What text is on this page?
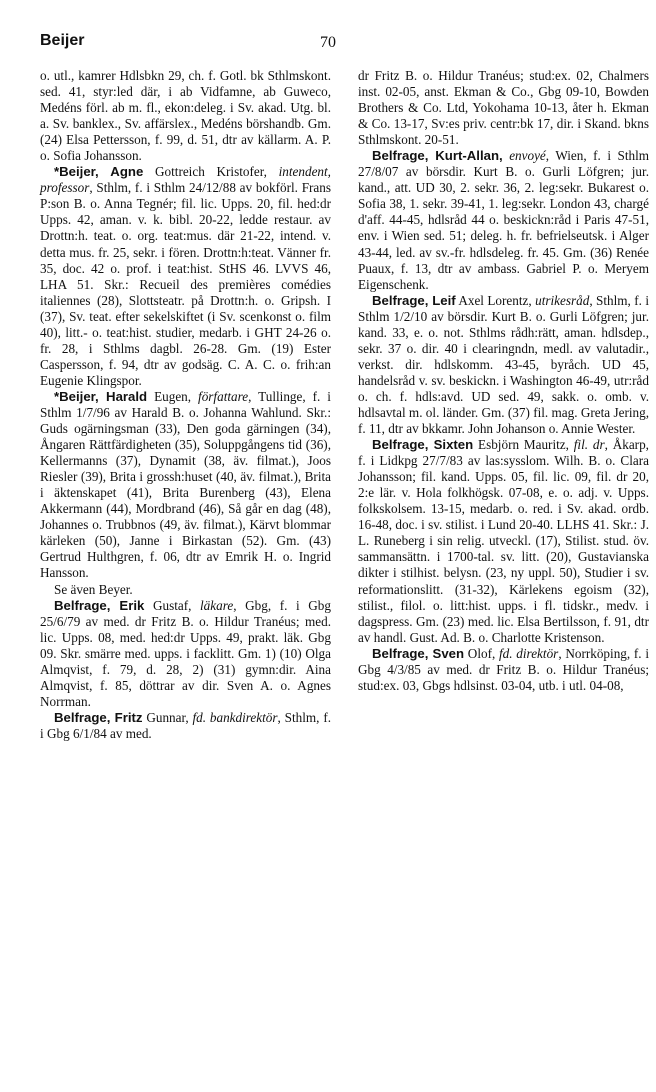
Beijer	70

o. utl., kamrer Hdlsbkn 29, ch. f. Gotl. bk Sthlmskont. sed. 41, styr:led där, i ab Vidfamne, ab Guweco, Medéns förl. ab m. fl., ekon:deleg. i Sv. akad. Utg. bl. a. Sv. banklex., Sv. affärslex., Medéns börshandb. Gm. (24) Elsa Pettersson, f. 99, d. 51, dtr av källarm. A. P. o. Sofia Johansson.

*Beijer, Agne Gottreich Kristofer, intendent, professor, Sthlm, f. i Sthlm 24/12/88 av bokförl. Frans P:son B. o. Anna Tegnér; fil. lic. Upps. 20, fil. hed:dr Upps. 42, aman. v. k. bibl. 20-22, ledde restaur. av Drottn:h. teat. o. org. teat:mus. där 21-22, intend. v. detta mus. fr. 25, sekr. i fören. Drottn:h:teat. Vänner fr. 35, doc. 42 o. prof. i teat:hist. StHS 46. LVVS 46, LHA 51. Skr.: Recueil des premières comédies italiennes (28), Slottsteatr. på Drottn:h. o. Gripsh. I (37), Sv. teat. efter sekelskiftet (i Sv. scenkonst o. film 40), litt.- o. teat:hist. studier, medarb. i GHT 24-26 o. fr. 28, i Sthlms dagbl. 26-28. Gm. (19) Ester Caspersson, f. 94, dtr av godsäg. C. A. C. o. frih:an Eugenie Klingspor.

*Beijer, Harald Eugen, författare, Tullinge, f. i Sthlm 1/7/96 av Harald B. o. Johanna Wahlund. Skr.: Guds ogärningsman (33), Den goda gärningen (34), Ångaren Rättfärdigheten (35), Soluppgångens tid (36), Kellermanns (37), Dynamit (38, äv. filmat.), Joos Riesler (39), Brita i grossh:huset (40, äv. filmat.), Brita i äktenskapet (41), Brita Burenberg (43), Elena Akkermann (44), Mordbrand (46), Så går en dag (48), Johannes o. Trubbnos (49, äv. filmat.), Kärvt blommar kärleken (50), Janne i Birkastan (52). Gm. (43) Gertrud Hulthgren, f. 06, dtr av Emrik H. o. Ingrid Hansson.

Se även Beyer.

Belfrage, Erik Gustaf, läkare, Gbg, f. i Gbg 25/6/79 av med. dr Fritz B. o. Hildur Tranéus; med. lic. Upps. 08, med. hed:dr Upps. 49, prakt. läk. Gbg 09. Skr. smärre med. upps. i facklitt. Gm. 1) (10) Olga Almqvist, f. 79, d. 28, 2) (31) gymn:dir. Aina Almqvist, f. 85, döttrar av dir. Sven A. o. Agnes Norrman.

Belfrage, Fritz Gunnar, fd. bankdirektör, Sthlm, f. i Gbg 6/1/84 av med.

dr Fritz B. o. Hildur Tranéus; stud:ex. 02, Chalmers inst. 02-05, anst. Ekman & Co., Gbg 09-10, Bowden Brothers & Co. Ltd, Yokohama 10-13, åter h. Ekman & Co. 13-17, Sv:es priv. centr:bk 17, dir. i Skand. bkns Sthlmskont. 20-51.

Belfrage, Kurt-Allan, envoyé, Wien, f. i Sthlm 27/8/07 av börsdir. Kurt B. o. Gurli Löfgren; jur. kand., att. UD 30, 2. sekr. 36, 2. leg:sekr. Bukarest o. Sofia 38, 1. sekr. 39-41, 1. leg:sekr. London 43, chargé d'aff. 44-45, hdlsråd 44 o. beskickn:råd i Paris 47-51, env. i Wien sed. 51; deleg. h. fr. befrielseutsk. i Alger 43-44, led. av sv.-fr. hdlsdeleg. fr. 45. Gm. (36) Renée Puaux, f. 13, dtr av ambass. Gabriel P. o. Meryem Eigenschenk.

Belfrage, Leif Axel Lorentz, utrikesråd, Sthlm, f. i Sthlm 1/2/10 av börsdir. Kurt B. o. Gurli Löfgren; jur. kand. 33, e. o. not. Sthlms rådh:rätt, aman. hdlsdep., sekr. 37 o. dir. 40 i clearingndn, medl. av valutadir., verkst. dir. hdlskomm. 43-45, byråch. UD 45, handelsråd v. sv. beskickn. i Washington 46-49, utr:råd o. ch. f. hdls:avd. UD sed. 49, sakk. o. omb. v. hdlsavtal m. ol. länder. Gm. (37) fil. mag. Greta Jering, f. 11, dtr av bkkamr. John Johanson o. Annie Wester.

Belfrage, Sixten Esbjörn Mauritz, fil. dr, Åkarp, f. i Lidkpg 27/7/83 av las:sysslom. Wilh. B. o. Clara Johansson; fil. kand. Upps. 05, fil. lic. 09, fil. dr 20, 2:e lär. v. Hola folkhögsk. 07-08, e. o. adj. v. Upps. folkskolsem. 13-15, medarb. o. red. i Sv. akad. ordb. 16-48, doc. i sv. stilist. i Lund 20-40. LLHS 41. Skr.: J. L. Runeberg i sin relig. utveckl. (17), Stilist. stud. öv. sammansättn. i 1700-tal. sv. litt. (20), Gustavianska dikter i stilhist. belysn. (23, ny uppl. 50), Studier i sv. reformationslitt. (31-32), Kärlekens egoism (32), stilist., filol. o. litt:hist. upps. i fl. tidskr., medv. i dagspress. Gm. (23) med. lic. Elsa Bertilsson, f. 91, dtr av handl. Gust. Ad. B. o. Charlotte Kristenson.

Belfrage, Sven Olof, fd. direktör, Norrköping, f. i Gbg 4/3/85 av med. dr Fritz B. o. Hildur Tranéus; stud:ex. 03, Gbgs hdlsinst. 03-04, utb. i utl. 04-08,
